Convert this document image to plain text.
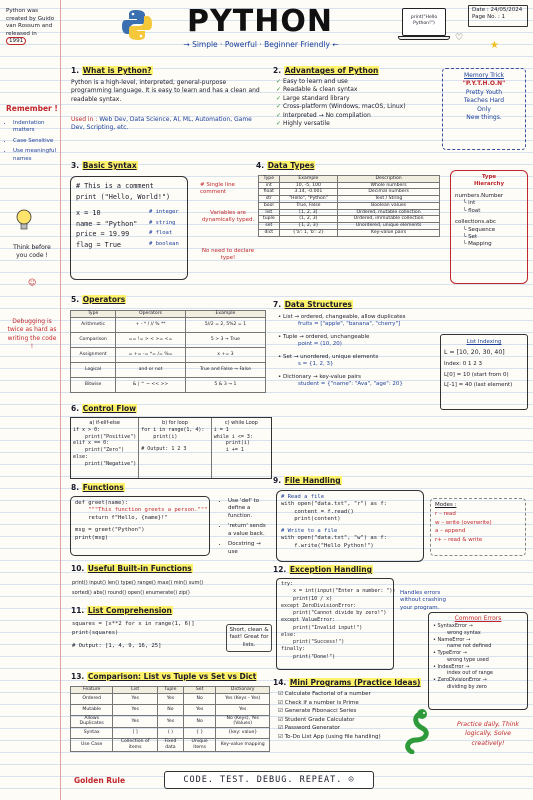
Python was created by Guido van Rossum and released in
1991
PYTHON
→ Simple · Powerful · Beginner Friendly ←
print("Hello Python!")
Date : 24/05/2024
Page No. : 1
♡
★
Remember !
• Indentation matters
• Case Sensitive
• Use meaningful names
Think before you code !
☺
Debugging is twice as hard as writing the code !
1. What is Python?
Python is a high-level, interpreted, general-purpose programming language. It is easy to learn and has a clean and readable syntax.
Used in : Web Dev, Data Science, AI, ML, Automation, Game Dev, Scripting, etc.
2. Advantages of Python
✓ Easy to learn and use
✓ Readable & clean syntax
✓ Large standard library
✓ Cross-platform (Windows, macOS, Linux)
✓ Interpreted → No compilation
✓ Highly versatile
Memory Trick
"P.Y.T.H.O.N"
Pretty Youth
Teaches Hard
Only
New things.
3. Basic Syntax
# This is a comment
print ("Hello, World!")
x = 10	# integer
name = "Python" # string
price = 19.99	# float
flag = True	# boolean
# Single line comment
Variables are dynamically typed.
No need to declare type!
4. Data Types
Type	Example	Description
int	10, -5, 100	Whole numbers
float	3.14, -0.001	Decimal numbers
str	"Hello", "Python"	Text / String
bool	True, False	Boolean values
list	[1, 2, 3]	Ordered, mutable collection
tuple	(1, 2, 3)	Ordered, immutable collection
set	{1, 2, 3}	Unordered, unique elements
dict	{'a': 1, 'b': 2}	Key-value pairs
Type Hierarchy
numbers.Number
└ int
└ float
collections.abc
└ Sequence
└ Set
└ Mapping
5. Operators
Type	Operators	Example
Arithmetic	+ - * / // % **	5//2 = 2, 5%2 = 1
Comparison	== != > < >= <=	5 > 3 → True
Assignment	= += -= *= /= %=	x += 3
Logical	and or not	True and False → False
Bitwise	& | ^ ~ << >>	5 & 3 → 1
7. Data Structures
• List → ordered, changeable, allow duplicates
fruits = ["apple", "banana", "cherry"]
• Tuple → ordered, unchangeable
point = (10, 20)
• Set → unordered, unique elements
s = {1, 2, 3}
• Dictionary → key-value pairs
student = {"name": "Ava", "age": 20}
List Indexing
L = [10, 20, 30, 40]
Index: 0 1 2 3
L[0] = 10 (start from 0)
L[-1] = 40 (last element)
6. Control Flow
a) if-elif-else
if x > 0:
print("Positive")
elif x == 0:
print("Zero")
else:
print("Negative")
b) for loop
for i in range(1, 4):
print(i)
# Output: 1 2 3
c) while Loop
i = 1
while i <= 3:
print(i)
i += 1
8. Functions
def greet(name):
"""This function greets a person."""
return f"Hello, {name}!"
msg = greet("Python")
print(msg)
• Use 'def' to define a function.
• 'return' sends a value back.
• Docstring → use
9. File Handling
# Read a file
with open("data.txt", "r") as f:
content = f.read()
print(content)
# Write to a file
with open("data.txt", "w") as f:
f.write("Hello Python!")
Modes :
r – read
w – write (overwrite)
a – append
r+ – read & write
10. Useful Built-in Functions
print() input() len() type() range() max() min() sum()
sorted() abs() round() open() enumerate() zip()
11. List Comprehension
squares = [x**2 for x in range(1, 6)]
print(squares)
# Output: [1, 4, 9, 16, 25]
Short, clean & fast! Great for lists.
12. Exception Handling
try:
x = int(input("Enter a number: "))
print(10 / x)
except ZeroDivisionError:
print("Cannot divide by zero!")
except ValueError:
print("Invalid input!")
else:
print("Success!")
finally:
print("Done!")
Handles errors without crashing your program.
Common Errors
• SyntaxError →
wrong syntax
• NameError →
name not defined
• TypeError →
wrong type used
• IndexError →
index out of range
• ZeroDivisionError →
dividing by zero
13. Comparison: List vs Tuple vs Set vs Dict
Feature	List	Tuple	Set	Dictionary
Ordered	Yes	Yes	No	Yes (Keys - Yes)
Mutable	Yes	No	Yes	Yes
Allows Duplicates	Yes	Yes	No	No (Keys), Yes (Values)
Syntax	[ ]	( )	{ }	{key: value}
Use Case	Collection of items	Fixed data	Unique items	Key-value mapping
14. Mini Programs (Practice Ideas)
☑ Calculate Factorial of a number
☑ Check if a number is Prime
☑ Generate Fibonacci Series
☑ Student Grade Calculator
☑ Password Generator
☑ To-Do List App (using file handling)
Practice daily, Think logically, Solve creatively!
Golden Rule	CODE. TEST. DEBUG. REPEAT. ☺
